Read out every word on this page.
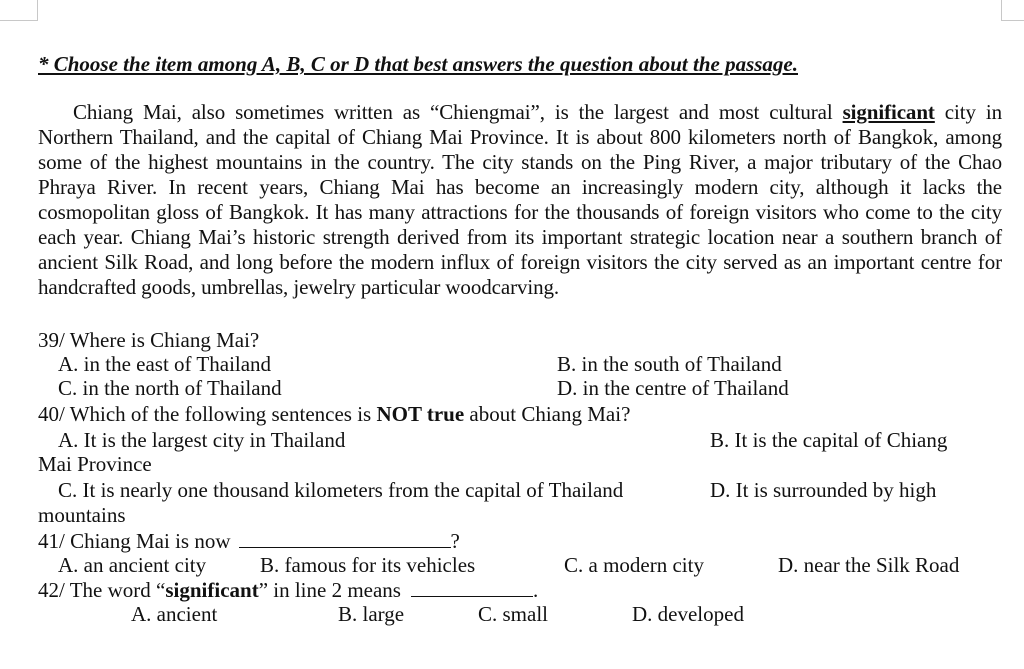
* Choose the item among A, B, C or D that best answers the question about the passage.

Chiang Mai, also sometimes written as “Chiengmai”, is the largest and most cultural significant city in Northern Thailand, and the capital of Chiang Mai Province. It is about 800 kilometers north of Bangkok, among some of the highest mountains in the country. The city stands on the Ping River, a major tributary of the Chao Phraya River. In recent years, Chiang Mai has become an increasingly modern city, although it lacks the cosmopolitan gloss of Bangkok. It has many attractions for the thousands of foreign visitors who come to the city each year. Chiang Mai’s historic strength derived from its important strategic location near a southern branch of ancient Silk Road, and long before the modern influx of foreign visitors the city served as an important centre for handcrafted goods, umbrellas, jewelry particular woodcarving.

39/ Where is Chiang Mai?
A. in the east of Thailand	B. in the south of Thailand
C. in the north of Thailand	D. in the centre of Thailand
40/ Which of the following sentences is NOT true about Chiang Mai?
A. It is the largest city in Thailand	B. It is the capital of Chiang
Mai Province
C. It is nearly one thousand kilometers from the capital of Thailand	D. It is surrounded by high
mountains
41/ Chiang Mai is now	?
A. an ancient city	B. famous for its vehicles	C. a modern city	D. near the Silk Road
42/ The word “significant” in line 2 means	.
A. ancient	B. large	C. small	D. developed
